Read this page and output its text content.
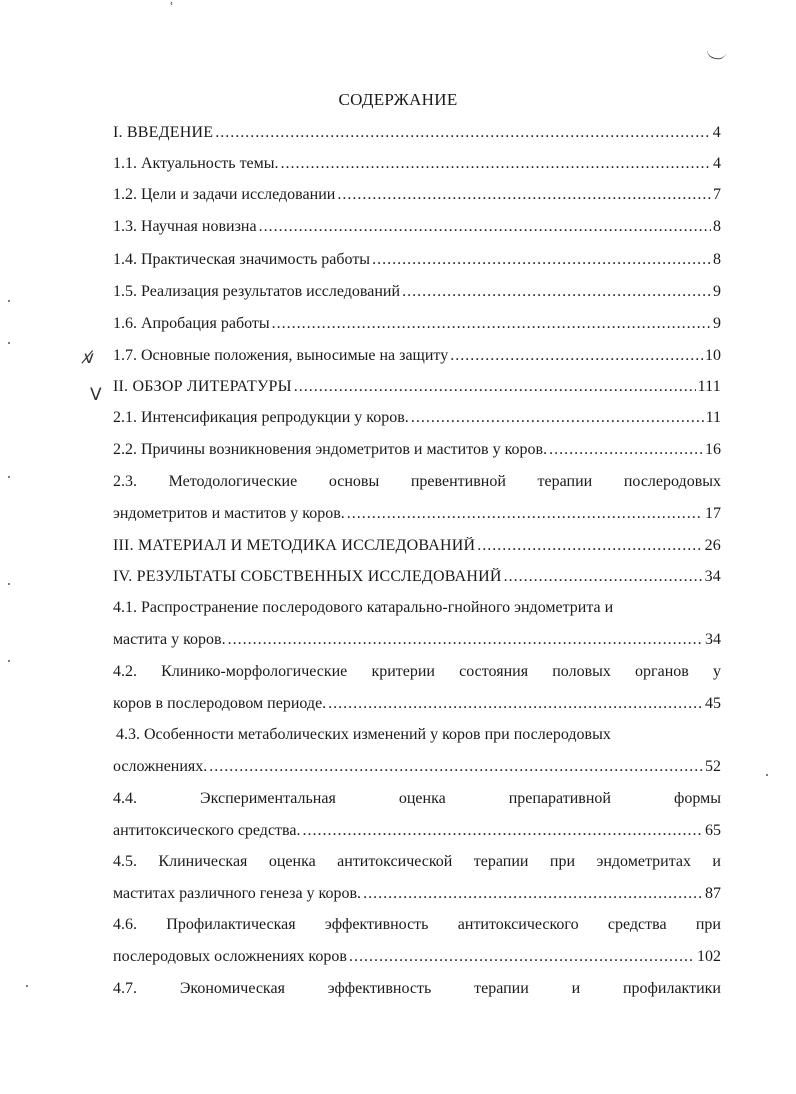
ʿ
v̸
V
СОДЕРЖАНИЕ
I. ВВЕДЕНИЕ .....	4
1.1. Актуальность темы. .....	4
1.2. Цели и задачи исследовании .....	7
1.3. Научная новизна .....	8
1.4. Практическая значимость работы .....	8
1.5. Реализация результатов исследований .....	9
1.6. Апробация работы .....	9
1.7. Основные положения, выносимые на защиту .....	10
II. ОБЗОР ЛИТЕРАТУРЫ .....	111
2.1. Интенсификация репродукции у коров. .....	11
2.2. Причины возникновения эндометритов и маститов у коров. .....	16
2.3. Методологические основы превентивной терапии послеродовых
эндометритов и маститов у коров. .....	17
III. МАТЕРИАЛ И МЕТОДИКА ИССЛЕДОВАНИЙ .....	26
IV. РЕЗУЛЬТАТЫ СОБСТВЕННЫХ ИССЛЕДОВАНИЙ .....	34
4.1. Распространение послеродового катарально-гнойного эндометрита и
мастита у коров. .....	34
4.2. Клинико-морфологические критерии состояния половых органов у
коров в послеродовом периоде. .....	45
4.3. Особенности метаболических изменений у коров при послеродовых
осложнениях. .....	52
4.4. Экспериментальная оценка препаративной формы
антитоксического средства. .....	65
4.5. Клиническая оценка антитоксической терапии при эндометритах и
маститах различного генеза у коров. .....	87
4.6. Профилактическая эффективность антитоксического средства при
послеродовых осложнениях коров .....	102
4.7. Экономическая эффективность терапии и профилактики
